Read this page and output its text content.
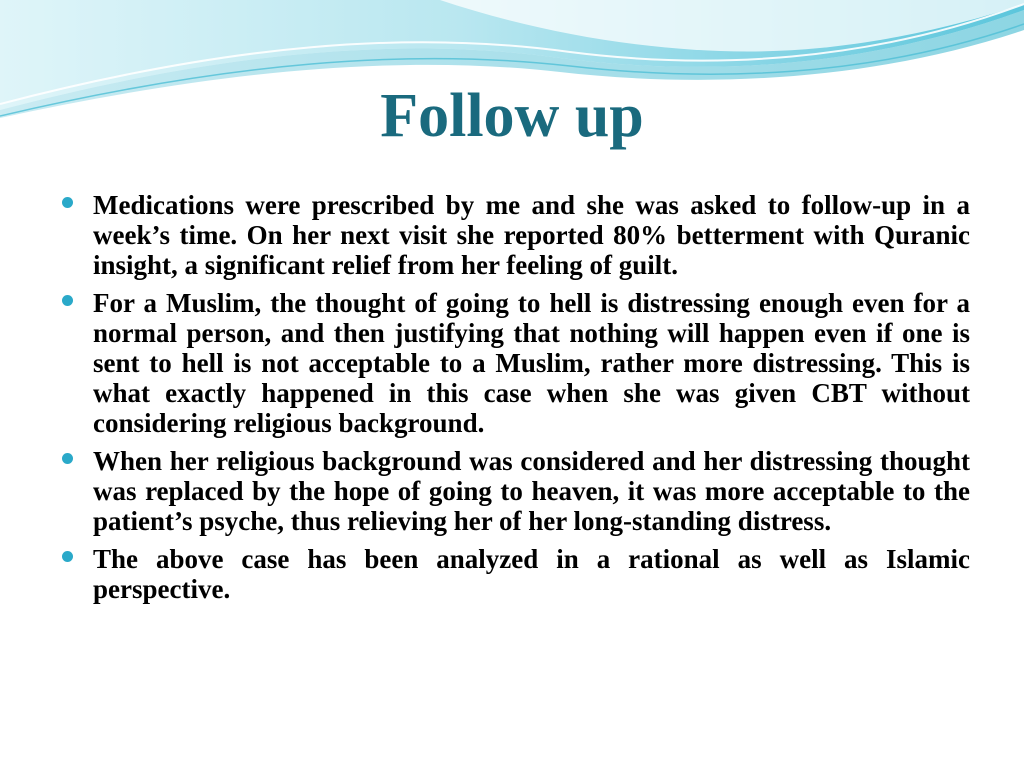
Follow up
Medications were prescribed by me and she was asked to follow-up in a week’s time. On her next visit she reported 80% betterment with Quranic insight, a significant relief from her feeling of guilt.
For a Muslim, the thought of going to hell is distressing enough even for a normal person, and then justifying that nothing will happen even if one is sent to hell is not acceptable to a Muslim, rather more distressing. This is what exactly happened in this case when she was given CBT without considering religious background.
When her religious background was considered and her distressing thought was replaced by the hope of going to heaven, it was more acceptable to the patient’s psyche, thus relieving her of her long-standing distress.
The above case has been analyzed in a rational as well as Islamic perspective.
